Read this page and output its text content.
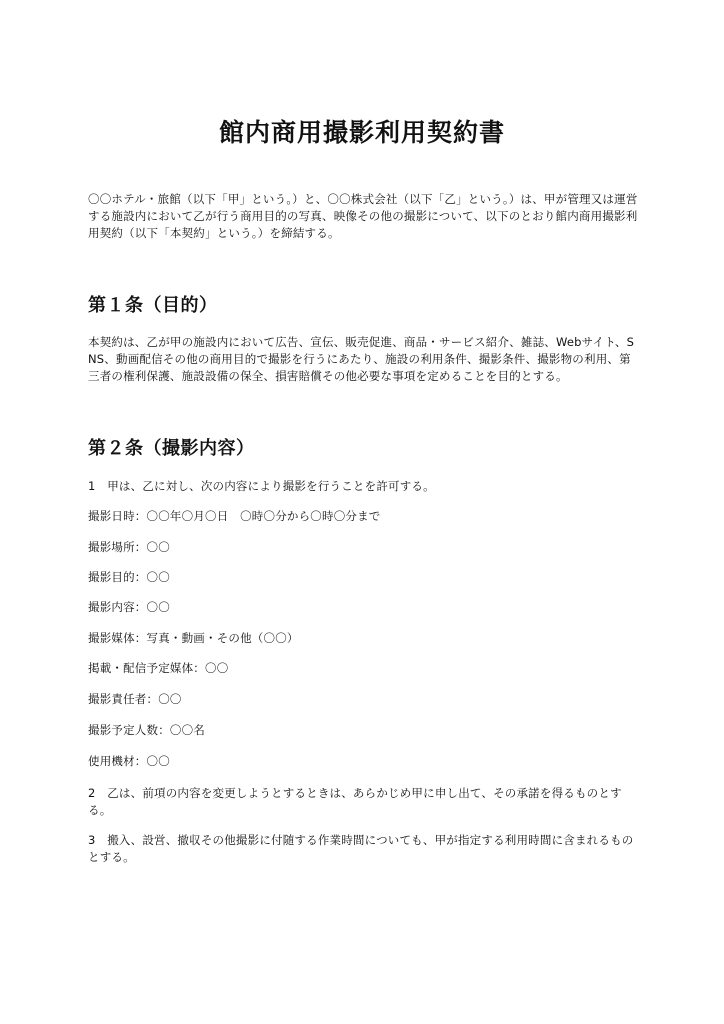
館内商用撮影利用契約書

〇〇ホテル・旅館（以下「甲」という。）と、〇〇株式会社（以下「乙」という。）は、甲が管理又は運営する施設内において乙が行う商用目的の写真、映像その他の撮影について、以下のとおり館内商用撮影利用契約（以下「本契約」という。）を締結する。

第１条（目的）

本契約は、乙が甲の施設内において広告、宣伝、販売促進、商品・サービス紹介、雑誌、Webサイト、SNS、動画配信その他の商用目的で撮影を行うにあたり、施設の利用条件、撮影条件、撮影物の利用、第三者の権利保護、施設設備の保全、損害賠償その他必要な事項を定めることを目的とする。

第２条（撮影内容）

1　甲は、乙に対し、次の内容により撮影を行うことを許可する。

撮影日時：〇〇年〇月〇日　〇時〇分から〇時〇分まで

撮影場所：〇〇

撮影目的：〇〇

撮影内容：〇〇

撮影媒体：写真・動画・その他（〇〇）

掲載・配信予定媒体：〇〇

撮影責任者：〇〇

撮影予定人数：〇〇名

使用機材：〇〇

2　乙は、前項の内容を変更しようとするときは、あらかじめ甲に申し出て、その承諾を得るものとする。

3　搬入、設営、撤収その他撮影に付随する作業時間についても、甲が指定する利用時間に含まれるものとする。
